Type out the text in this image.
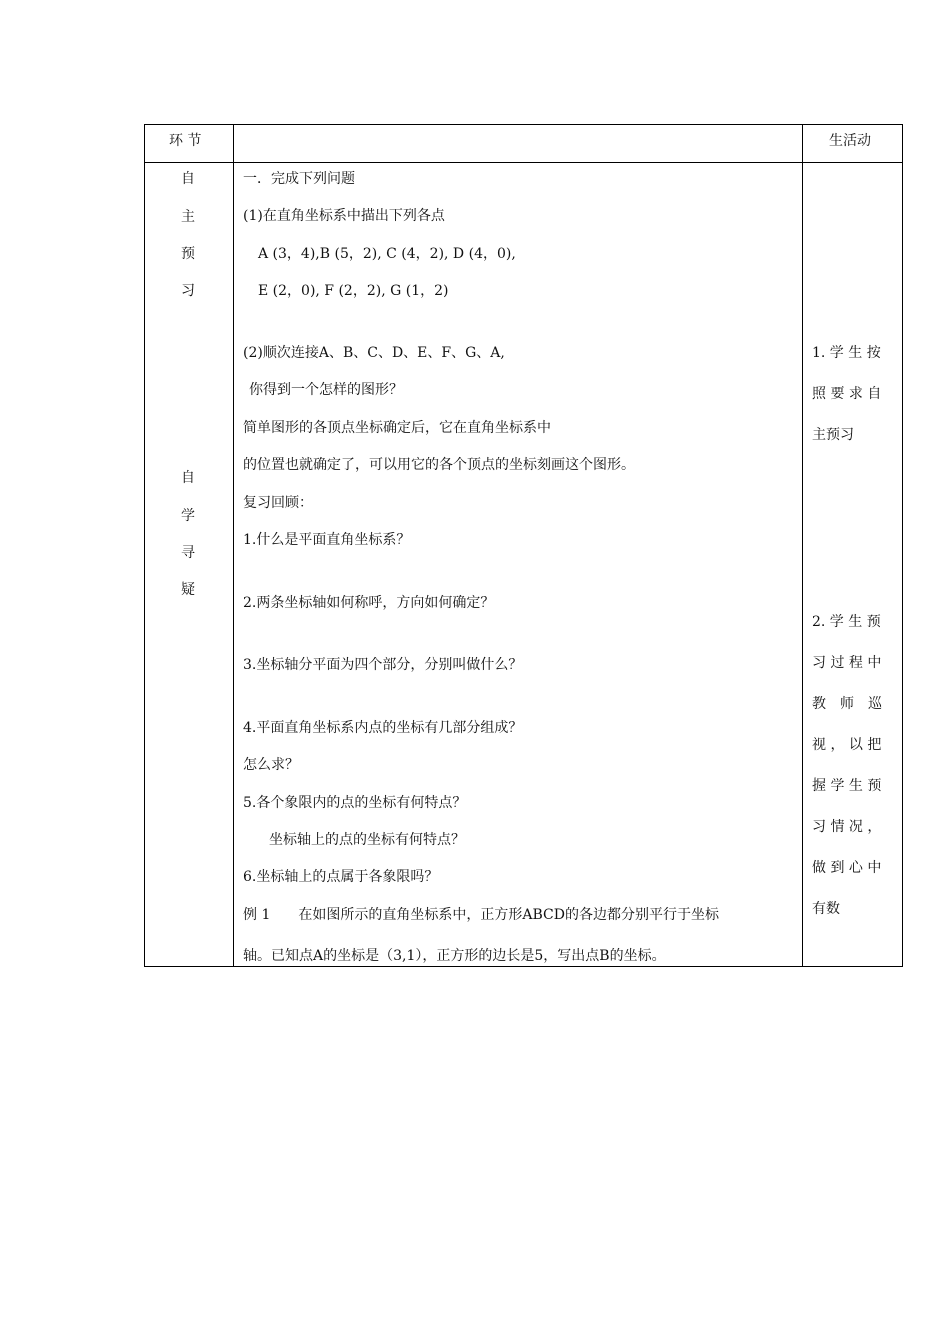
环 节	生活动
自
主
预
习
自
学
寻
疑
一．完成下列问题
(1)在直角坐标系中描出下列各点
A (3，4),B (5，2), C (4，2), D (4，0),
E (2，0), F (2，2), G (1，2)
(2)顺次连接A、B、C、D、E、F、G、A,
你得到一个怎样的图形？
简单图形的各顶点坐标确定后，它在直角坐标系中
的位置也就确定了，可以用它的各个顶点的坐标刻画这个图形。
复习回顾：
1.什么是平面直角坐标系？
2.两条坐标轴如何称呼，方向如何确定？
3.坐标轴分平面为四个部分，分别叫做什么？
4.平面直角坐标系内点的坐标有几部分组成？
怎么求？
5.各个象限内的点的坐标有何特点？
坐标轴上的点的坐标有何特点？
6.坐标轴上的点属于各象限吗？
例 1　　在如图所示的直角坐标系中，正方形ABCD的各边都分别平行于坐标
轴。已知点A的坐标是（3,1），正方形的边长是5，写出点B的坐标。
1. 学 生 按
照 要 求 自
主预习
2. 学 生 预
习 过 程 中
教　师　巡
视 ， 以 把
握 学 生 预
习 情 况 ，
做 到 心 中
有数
